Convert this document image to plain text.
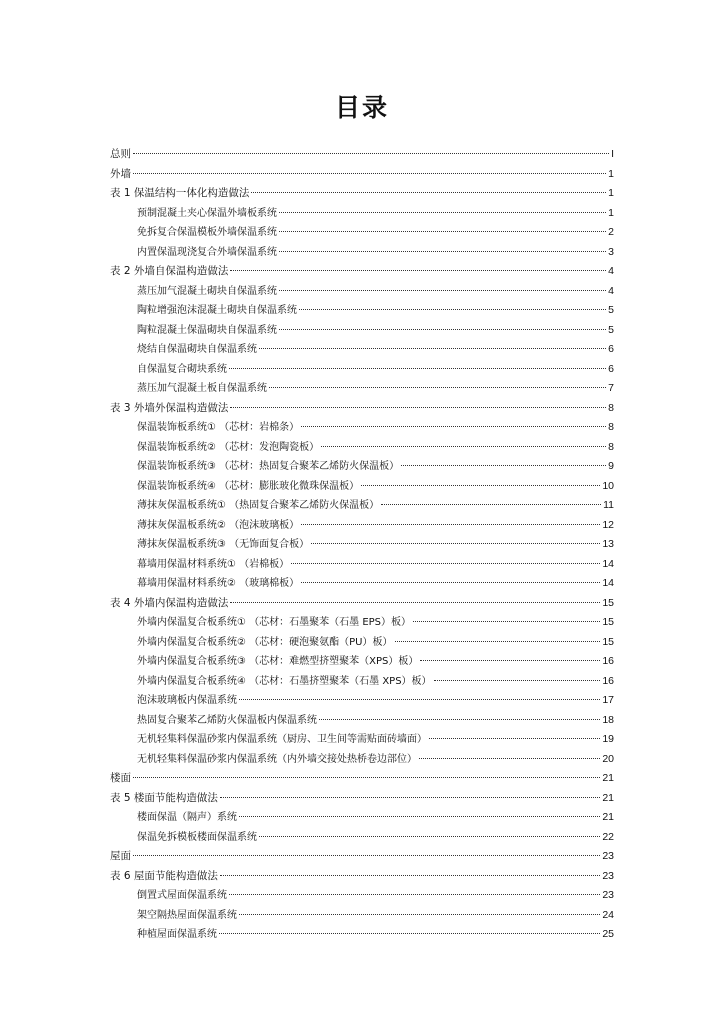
目录
总则	I
外墙	1
表 1 保温结构一体化构造做法	1
预制混凝土夹心保温外墙板系统	1
免拆复合保温模板外墙保温系统	2
内置保温现浇复合外墙保温系统	3
表 2 外墙自保温构造做法	4
蒸压加气混凝土砌块自保温系统	4
陶粒增强泡沫混凝土砌块自保温系统	5
陶粒混凝土保温砌块自保温系统	5
烧结自保温砌块自保温系统	6
自保温复合砌块系统	6
蒸压加气混凝土板自保温系统	7
表 3 外墙外保温构造做法	8
保温装饰板系统① （芯材：岩棉条）	8
保温装饰板系统② （芯材：发泡陶瓷板）	8
保温装饰板系统③ （芯材：热固复合聚苯乙烯防火保温板）	9
保温装饰板系统④ （芯材：膨胀玻化微珠保温板）	10
薄抹灰保温板系统① （热固复合聚苯乙烯防火保温板）	11
薄抹灰保温板系统② （泡沫玻璃板）	12
薄抹灰保温板系统③ （无饰面复合板）	13
幕墙用保温材料系统① （岩棉板）	14
幕墙用保温材料系统② （玻璃棉板）	14
表 4 外墙内保温构造做法	15
外墙内保温复合板系统① （芯材：石墨聚苯（石墨 EPS）板）	15
外墙内保温复合板系统② （芯材：硬泡聚氨酯（PU）板）	15
外墙内保温复合板系统③ （芯材：难燃型挤塑聚苯（XPS）板）	16
外墙内保温复合板系统④ （芯材：石墨挤塑聚苯（石墨 XPS）板）	16
泡沫玻璃板内保温系统	17
热固复合聚苯乙烯防火保温板内保温系统	18
无机轻集料保温砂浆内保温系统（厨房、卫生间等需贴面砖墙面）	19
无机轻集料保温砂浆内保温系统（内外墙交接处热桥卷边部位）	20
楼面	21
表 5 楼面节能构造做法	21
楼面保温（隔声）系统	21
保温免拆模板楼面保温系统	22
屋面	23
表 6 屋面节能构造做法	23
倒置式屋面保温系统	23
架空隔热屋面保温系统	24
种植屋面保温系统	25
